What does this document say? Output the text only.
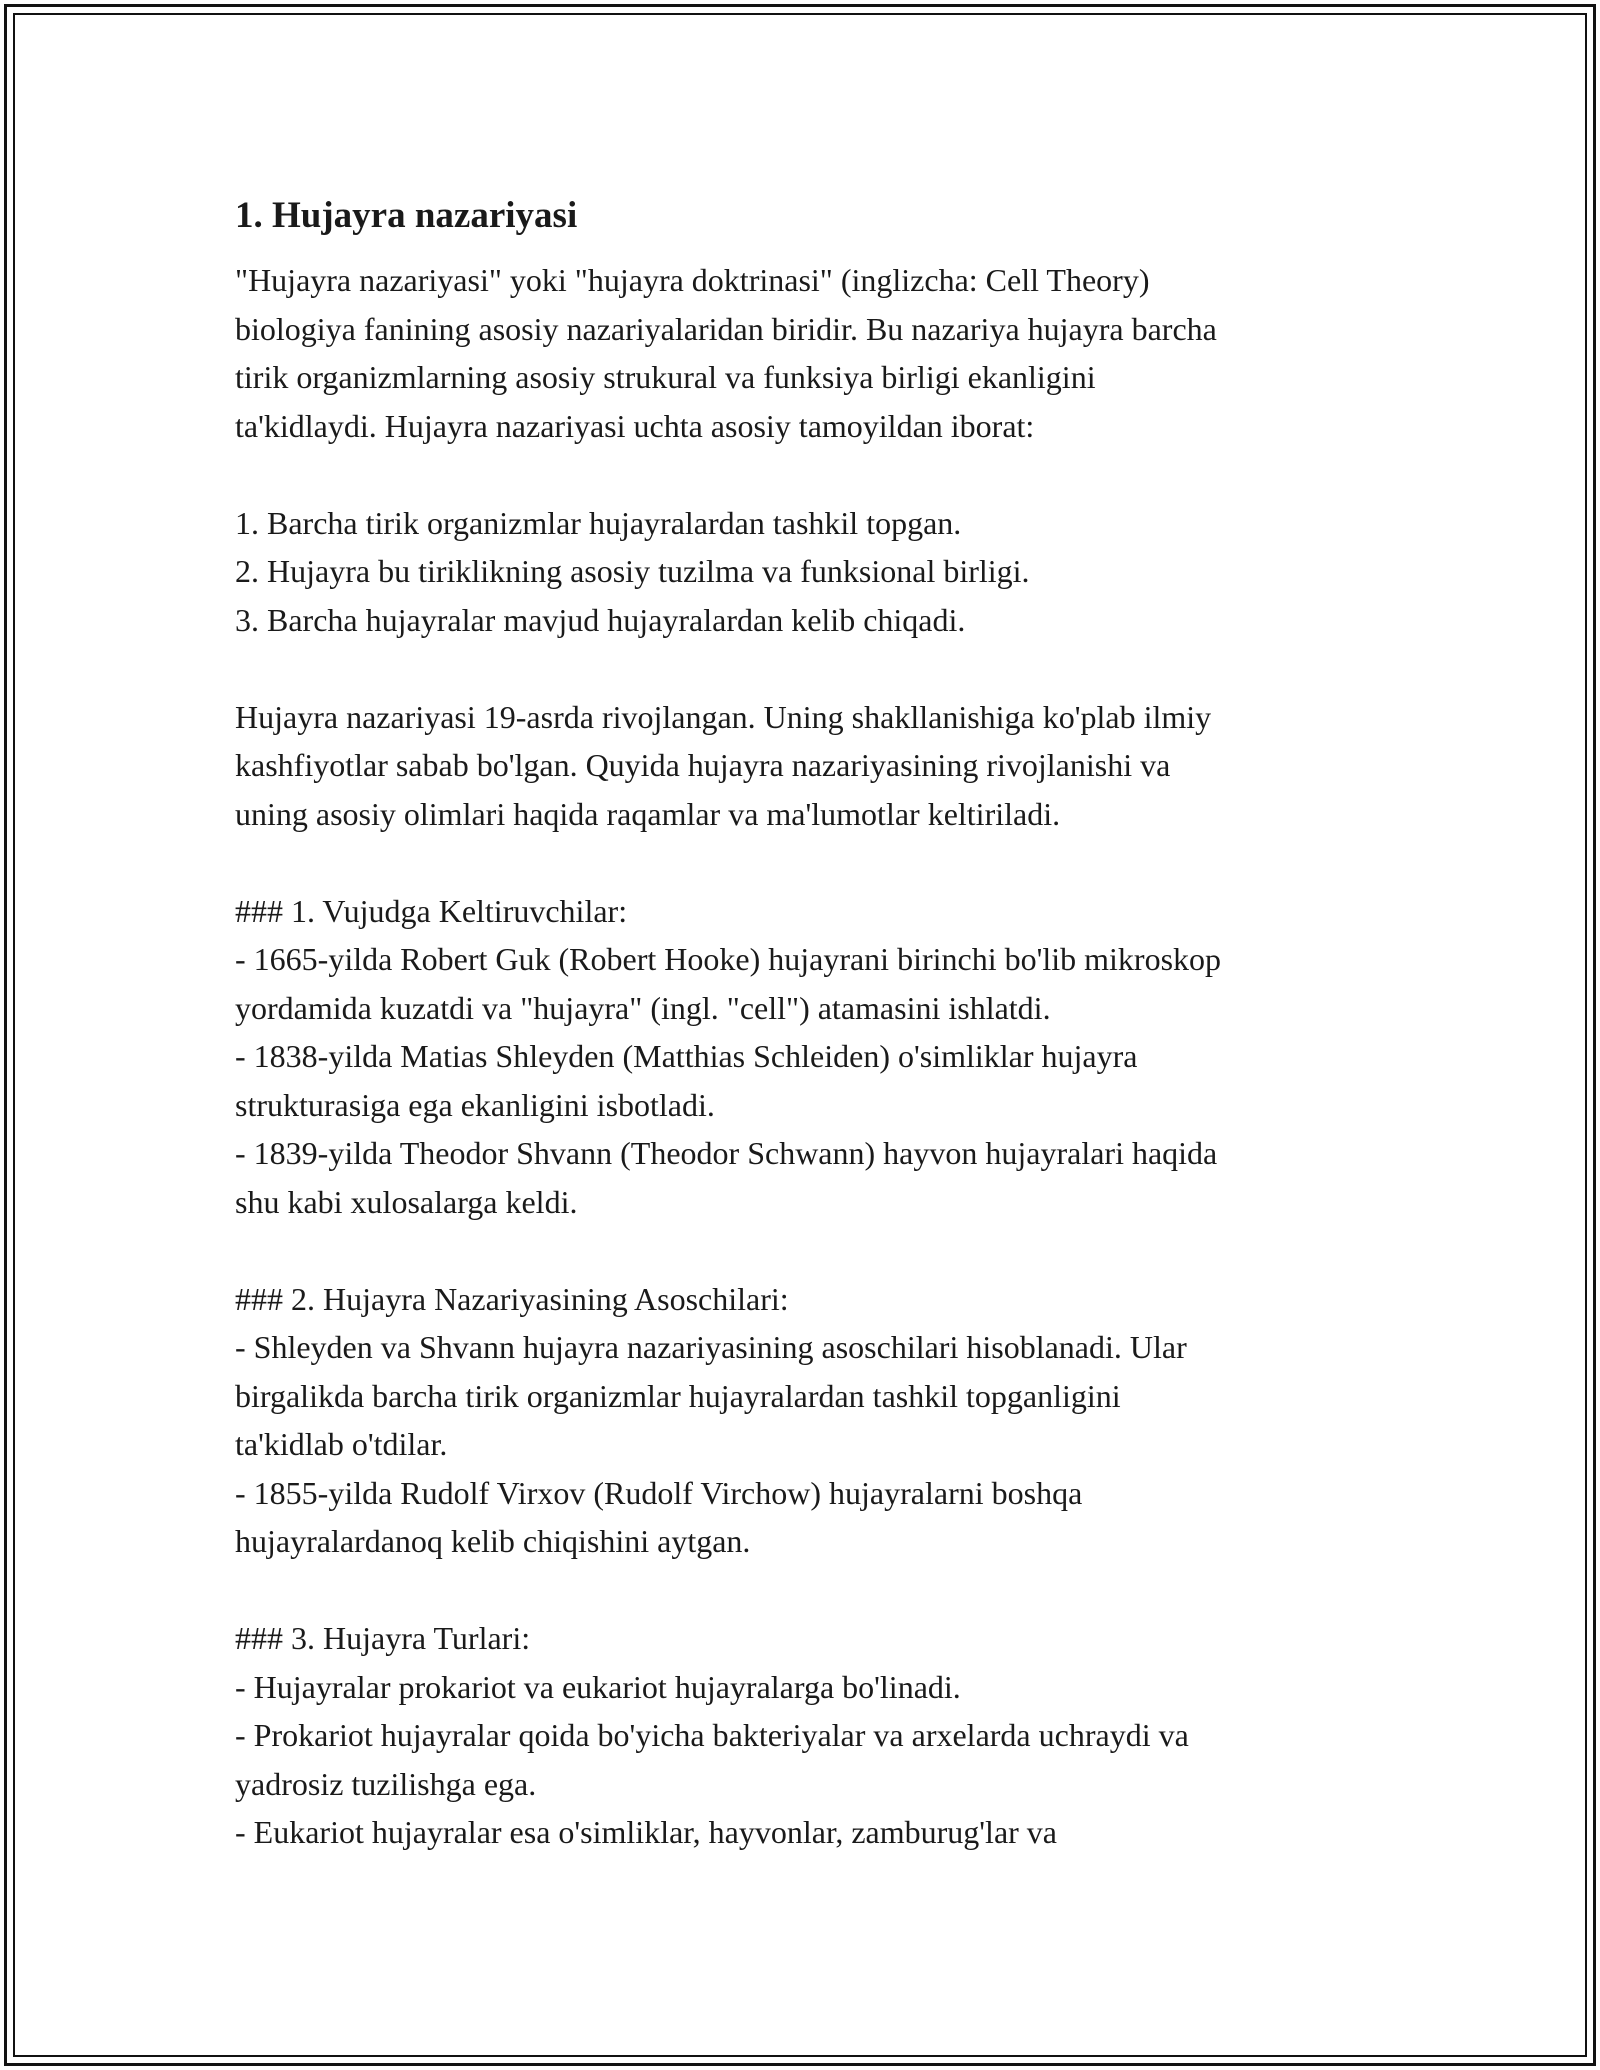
1. Hujayra nazariyasi

"Hujayra nazariyasi" yoki "hujayra doktrinasi" (inglizcha: Cell Theory)
biologiya fanining asosiy nazariyalaridan biridir. Bu nazariya hujayra barcha
tirik organizmlarning asosiy strukural va funksiya birligi ekanligini
ta'kidlaydi. Hujayra nazariyasi uchta asosiy tamoyildan iborat:

1. Barcha tirik organizmlar hujayralardan tashkil topgan.
2. Hujayra bu tiriklikning asosiy tuzilma va funksional birligi.
3. Barcha hujayralar mavjud hujayralardan kelib chiqadi.

Hujayra nazariyasi 19-asrda rivojlangan. Uning shakllanishiga ko'plab ilmiy
kashfiyotlar sabab bo'lgan. Quyida hujayra nazariyasining rivojlanishi va
uning asosiy olimlari haqida raqamlar va ma'lumotlar keltiriladi.

### 1. Vujudga Keltiruvchilar:
- 1665-yilda Robert Guk (Robert Hooke) hujayrani birinchi bo'lib mikroskop
yordamida kuzatdi va "hujayra" (ingl. "cell") atamasini ishlatdi.
- 1838-yilda Matias Shleyden (Matthias Schleiden) o'simliklar hujayra
strukturasiga ega ekanligini isbotladi.
- 1839-yilda Theodor Shvann (Theodor Schwann) hayvon hujayralari haqida
shu kabi xulosalarga keldi.

### 2. Hujayra Nazariyasining Asoschilari:
- Shleyden va Shvann hujayra nazariyasining asoschilari hisoblanadi. Ular
birgalikda barcha tirik organizmlar hujayralardan tashkil topganligini
ta'kidlab o'tdilar.
- 1855-yilda Rudolf Virxov (Rudolf Virchow) hujayralarni boshqa
hujayralardanoq kelib chiqishini aytgan.

### 3. Hujayra Turlari:
- Hujayralar prokariot va eukariot hujayralarga bo'linadi.
- Prokariot hujayralar qoida bo'yicha bakteriyalar va arxelarda uchraydi va
yadrosiz tuzilishga ega.
- Eukariot hujayralar esa o'simliklar, hayvonlar, zamburug'lar va
